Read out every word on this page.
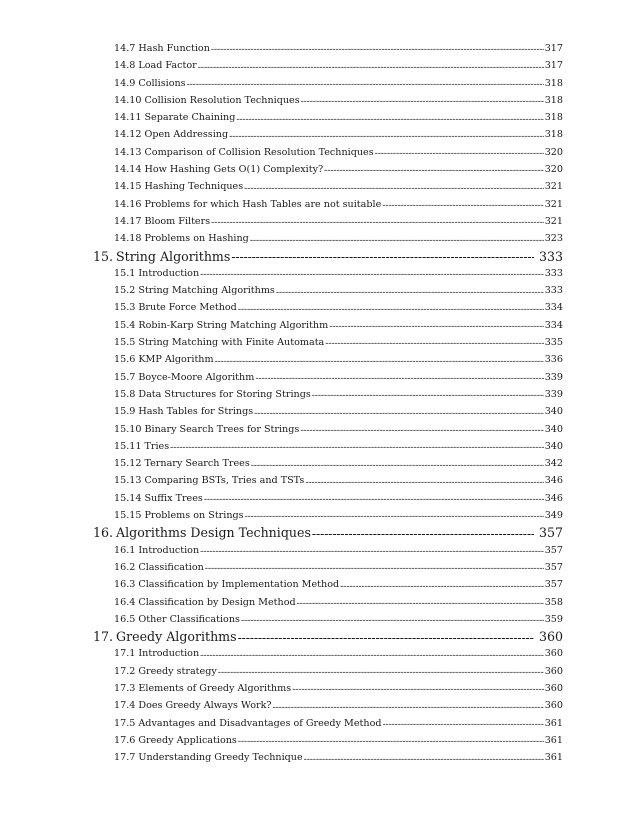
14.7 Hash Function -----	317
14.8 Load Factor -----	317
14.9 Collisions -----	318
14.10 Collision Resolution Techniques -----	318
14.11 Separate Chaining -----	318
14.12 Open Addressing -----	318
14.13 Comparison of Collision Resolution Techniques -----	320
14.14 How Hashing Gets O(1) Complexity? -----	320
14.15 Hashing Techniques -----	321
14.16 Problems for which Hash Tables are not suitable -----	321
14.17 Bloom Filters -----	321
14.18 Problems on Hashing -----	323
15. String Algorithms -----	333
15.1 Introduction -----	333
15.2 String Matching Algorithms -----	333
15.3 Brute Force Method -----	334
15.4 Robin-Karp String Matching Algorithm -----	334
15.5 String Matching with Finite Automata -----	335
15.6 KMP Algorithm -----	336
15.7 Boyce-Moore Algorithm -----	339
15.8 Data Structures for Storing Strings -----	339
15.9 Hash Tables for Strings -----	340
15.10 Binary Search Trees for Strings -----	340
15.11 Tries -----	340
15.12 Ternary Search Trees -----	342
15.13 Comparing BSTs, Tries and TSTs -----	346
15.14 Suffix Trees -----	346
15.15 Problems on Strings -----	349
16. Algorithms Design Techniques -----	357
16.1 Introduction -----	357
16.2 Classification -----	357
16.3 Classification by Implementation Method -----	357
16.4 Classification by Design Method -----	358
16.5 Other Classifications -----	359
17. Greedy Algorithms -----	360
17.1 Introduction -----	360
17.2 Greedy strategy -----	360
17.3 Elements of Greedy Algorithms -----	360
17.4 Does Greedy Always Work? -----	360
17.5 Advantages and Disadvantages of Greedy Method -----	361
17.6 Greedy Applications -----	361
17.7 Understanding Greedy Technique -----	361
